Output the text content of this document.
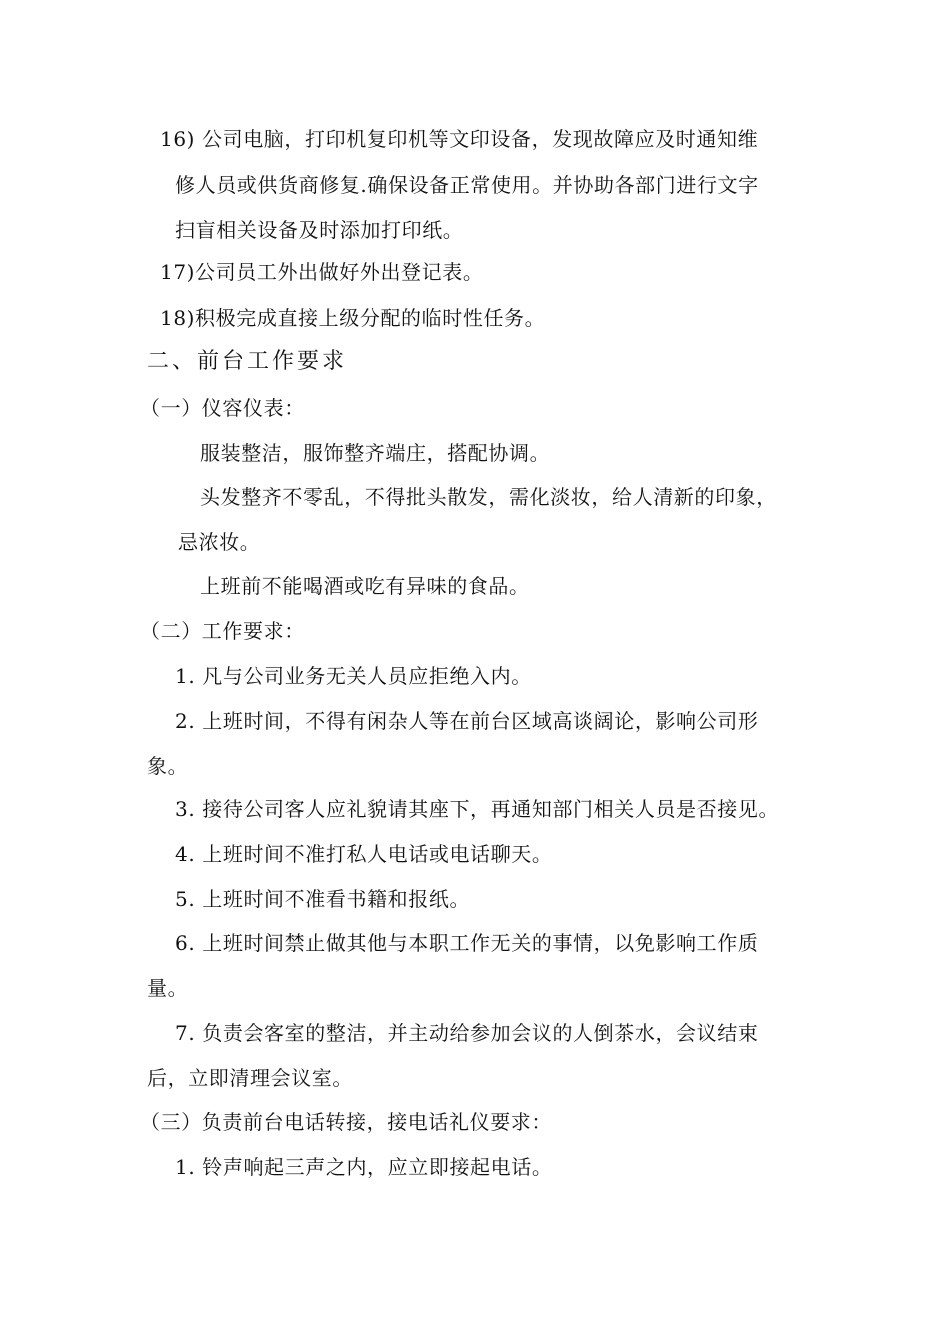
16) 公司电脑，打印机复印机等文印设备，发现故障应及时通知维
修人员或供货商修复.确保设备正常使用。并协助各部门进行文字
扫盲相关设备及时添加打印纸。
17)公司员工外出做好外出登记表。
18)积极完成直接上级分配的临时性任务。
二、前台工作要求
（一）仪容仪表：
服装整洁，服饰整齐端庄，搭配协调。
头发整齐不零乱，不得批头散发，需化淡妆，给人清新的印象，
忌浓妆。
上班前不能喝酒或吃有异味的食品。
（二）工作要求：
1. 凡与公司业务无关人员应拒绝入内。
2. 上班时间，不得有闲杂人等在前台区域高谈阔论，影响公司形
象。
3. 接待公司客人应礼貌请其座下，再通知部门相关人员是否接见。
4. 上班时间不准打私人电话或电话聊天。
5. 上班时间不准看书籍和报纸。
6. 上班时间禁止做其他与本职工作无关的事情，以免影响工作质
量。
7. 负责会客室的整洁，并主动给参加会议的人倒茶水，会议结束
后，立即清理会议室。
（三）负责前台电话转接，接电话礼仪要求：
1. 铃声响起三声之内，应立即接起电话。
